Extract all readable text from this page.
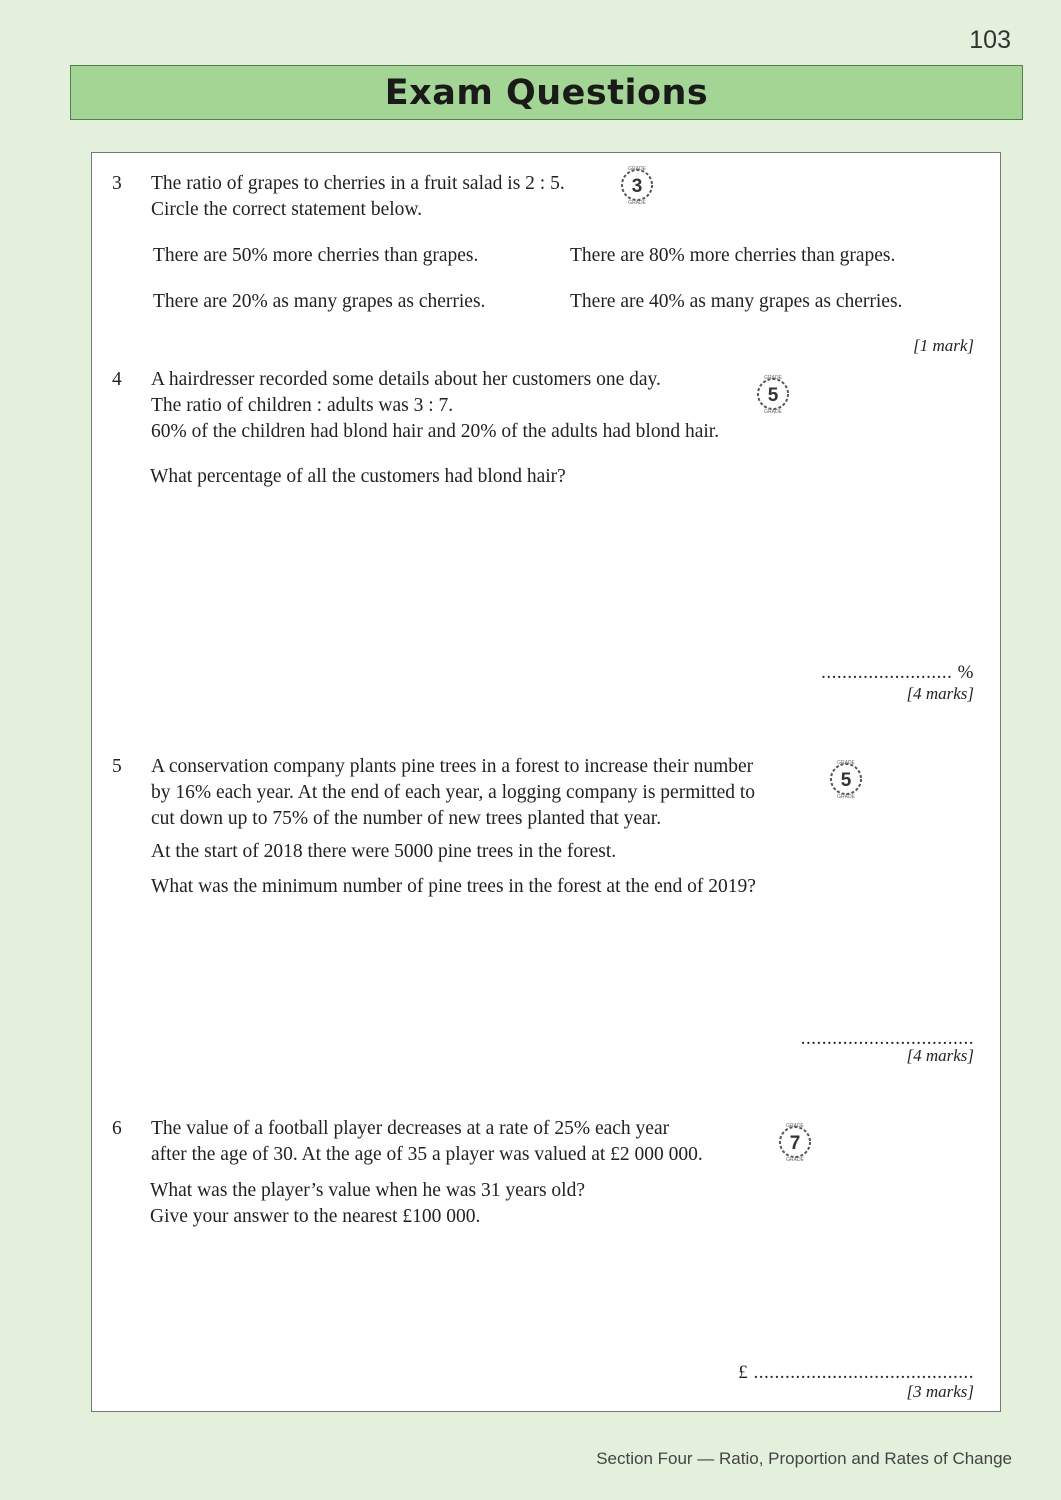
103
Exam Questions
3 The ratio of grapes to cherries in a fruit salad is 2 : 5.
Circle the correct statement below.
3
GRADE
GRADE
There are 50% more cherries than grapes.	There are 80% more cherries than grapes.
There are 20% as many grapes as cherries.	There are 40% as many grapes as cherries.
[1 mark]
4 A hairdresser recorded some details about her customers one day.
The ratio of children : adults was 3 : 7.
60% of the children had blond hair and 20% of the adults had blond hair.
What percentage of all the customers had blond hair?
5
GRADE
GRADE
......................... %
[4 marks]
5 A conservation company plants pine trees in a forest to increase their number
by 16% each year. At the end of each year, a logging company is permitted to
cut down up to 75% of the number of new trees planted that year.
At the start of 2018 there were 5000 pine trees in the forest.
What was the minimum number of pine trees in the forest at the end of 2019?
5
GRADE
GRADE
.................................
[4 marks]
6 The value of a football player decreases at a rate of 25% each year
after the age of 30. At the age of 35 a player was valued at £2 000 000.
What was the player’s value when he was 31 years old?
Give your answer to the nearest £100 000.
7
GRADE
GRADE
£ ..........................................
[3 marks]
Section Four — Ratio, Proportion and Rates of Change
